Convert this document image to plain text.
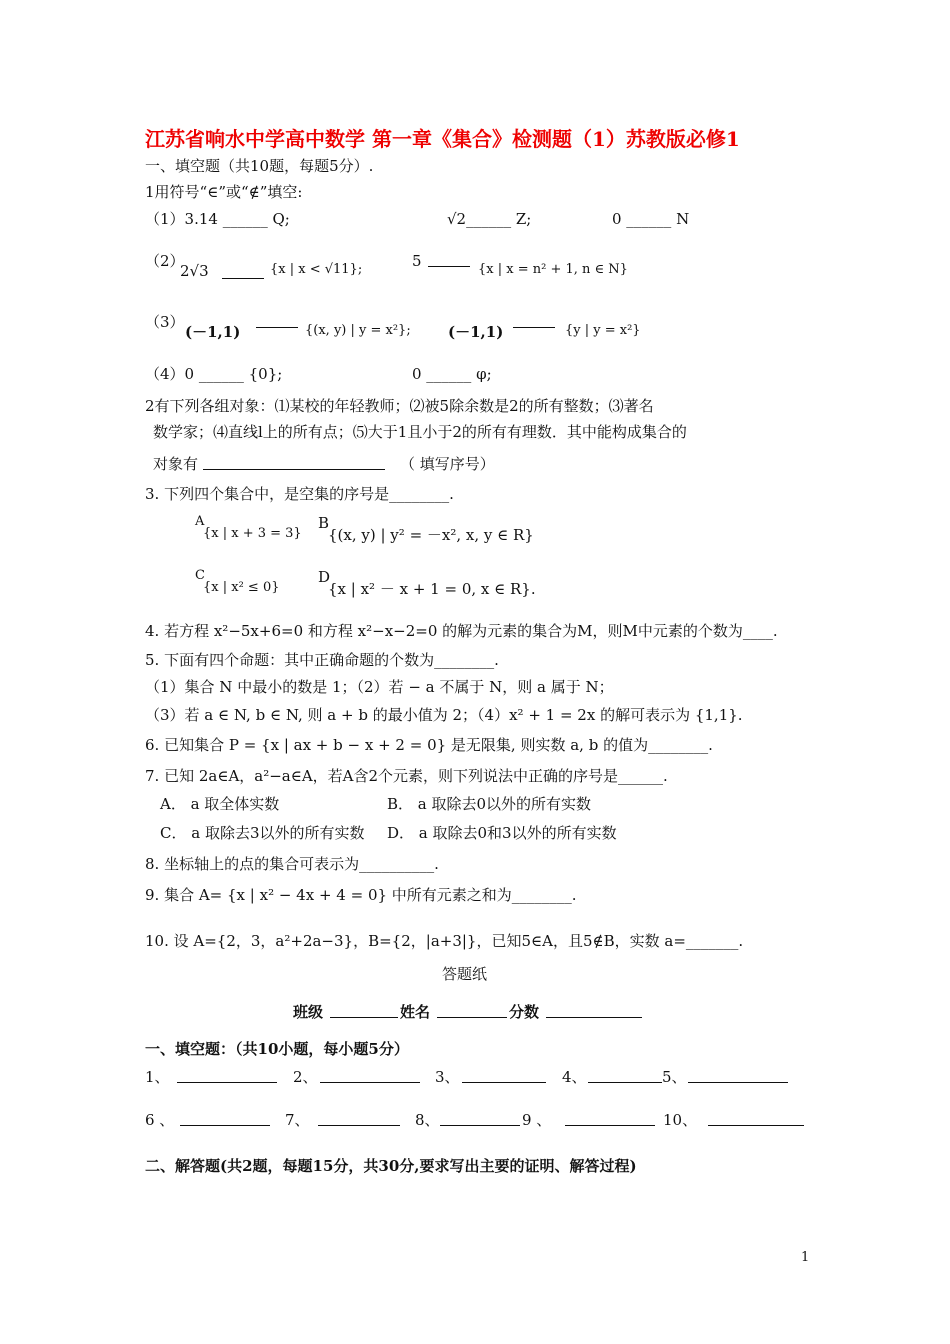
江苏省响水中学高中数学 第一章《集合》检测题（1）苏教版必修1
一、填空题（共10题，每题5分）.
1用符号“∈”或“∉”填空:
（1）3.14 ______ Q;	√2______ Z;	0 ______ N
（2）
2√3	{x | x < √11};	5	{x | x = n² + 1, n ∈ N}
（3）
(－1,1)	{(x, y) | y = x²}; (－1,1)	{y | y = x²}
（4）0 ______ {0};	0 ______ φ;
2有下列各组对象：⑴某校的年轻教师；⑵被5除余数是2的所有整数；⑶著名
数学家；⑷直线l上的所有点；⑸大于1且小于2的所有有理数．其中能构成集合的
对象有	（ 填写序号）
3. 下列四个集合中，是空集的序号是________.
A
{x | x + 3 = 3}
B
{(x, y) | y² = －x², x, y ∈ R}
C
{x | x² ≤ 0}
D
{x | x² － x + 1 = 0, x ∈ R}.
4. 若方程 x²−5x+6=0 和方程 x²−x−2=0 的解为元素的集合为M，则M中元素的个数为____.
5. 下面有四个命题：其中正确命题的个数为________.
（1）集合 N 中最小的数是 1；（2）若 − a 不属于 N，则 a 属于 N；
（3）若 a ∈ N, b ∈ N, 则 a + b 的最小值为 2；（4）x² + 1 = 2x 的解可表示为 {1,1}.
6. 已知集合 P = {x | ax + b − x + 2 = 0} 是无限集, 则实数 a, b 的值为________.
7. 已知 2a∈A，a²−a∈A，若A含2个元素，则下列说法中正确的序号是______.
A． a 取全体实数	B． a 取除去0以外的所有实数
C． a 取除去3以外的所有实数 D． a 取除去0和3以外的所有实数
8. 坐标轴上的点的集合可表示为__________.
9. 集合 A= {x | x² − 4x + 4 = 0} 中所有元素之和为________.
10. 设 A={2，3，a²+2a−3}，B={2，|a+3|}，已知5∈A，且5∉B，实数 a=_______.
答题纸
班级	姓名	分数
一、填空题：（共10小题，每小题5分）
1、	2、	3、	4、	5、
6 、	7、	8、	9 、	10、
二、解答题(共2题，每题15分，共30分,要求写出主要的证明、解答过程)
1
